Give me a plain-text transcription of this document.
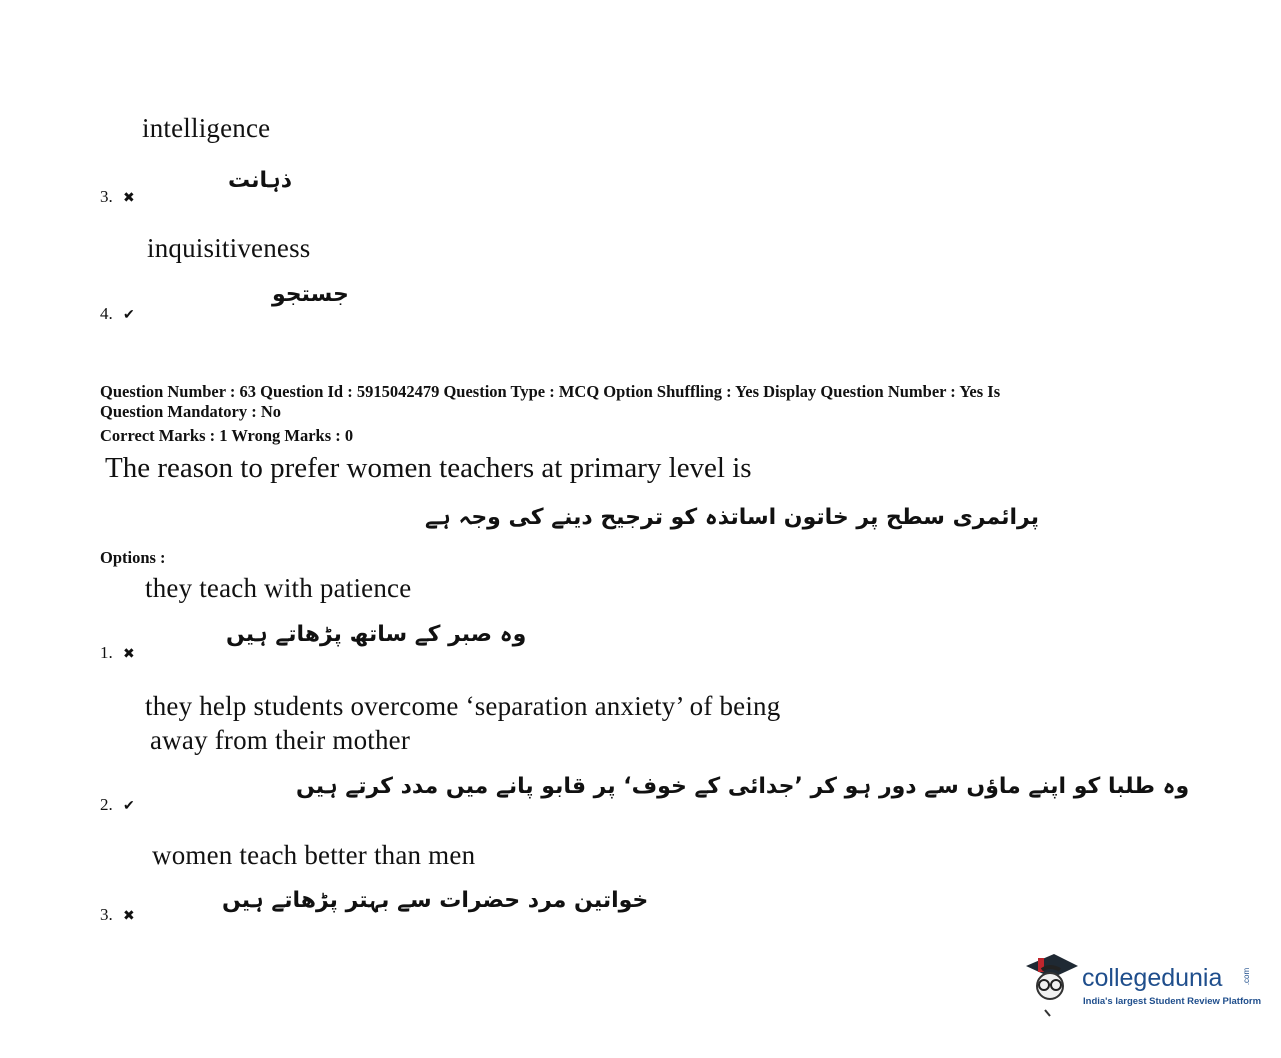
intelligence
ذہانت
3. ✖
inquisitiveness
جستجو
4. ✔
Question Number : 63 Question Id : 5915042479 Question Type : MCQ Option Shuffling : Yes Display Question Number : Yes Is
Question Mandatory : No
Correct Marks : 1 Wrong Marks : 0
The reason to prefer women teachers at primary level is
پرائمری سطح پر خاتون اساتذہ کو ترجیح دینے کی وجہ ہے
Options :
they teach with patience
وہ صبر کے ساتھ پڑھاتے ہیں
1. ✖
they help students overcome ‘separation anxiety’ of being
away from their mother
وہ طلبا کو اپنے ماؤں سے دور ہو کر ’جدائی کے خوف‘ پر قابو پانے میں مدد کرتے ہیں
2. ✔
women teach better than men
خواتین مرد حضرات سے بہتر پڑھاتے ہیں
3. ✖
collegedunia .com
India's largest Student Review Platform
